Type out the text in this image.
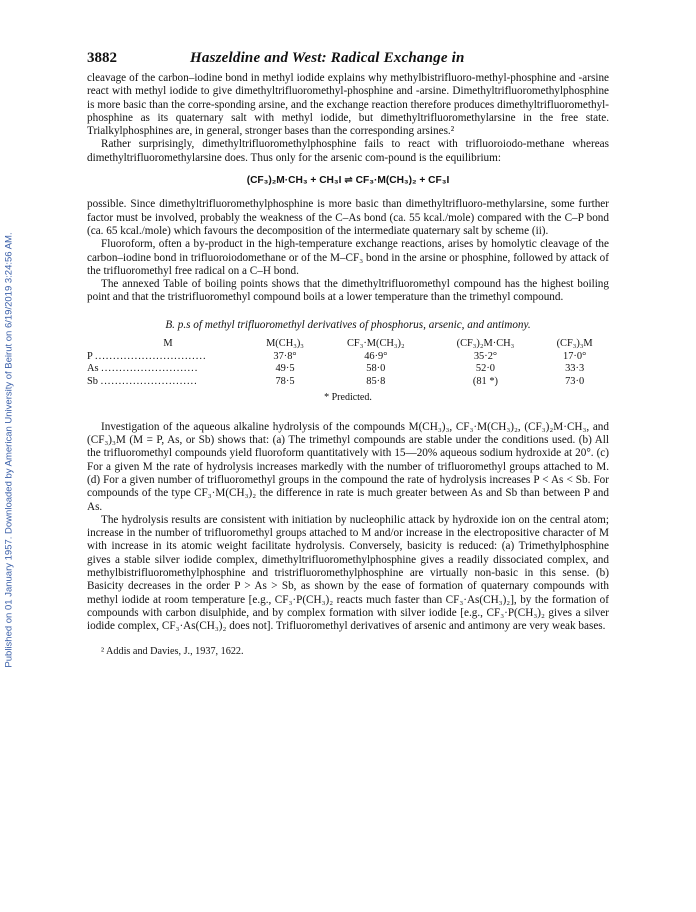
Published on 01 January 1957. Downloaded by American University of Beirut on 6/19/2019 3:24:56 AM.
3882	Haszeldine and West: Radical Exchange in

cleavage of the carbon–iodine bond in methyl iodide explains why methylbistrifluoro-methyl-phosphine and -arsine react with methyl iodide to give dimethyltrifluoromethyl-phosphine and -arsine. Dimethyltrifluoromethylphosphine is more basic than the corre-sponding arsine, and the exchange reaction therefore produces dimethyltrifluoromethyl-phosphine as its quaternary salt with methyl iodide, but dimethyltrifluoromethylarsine in the free state. Trialkylphosphines are, in general, stronger bases than the corresponding arsines.²

Rather surprisingly, dimethyltrifluoromethylphosphine fails to react with trifluoroiodo-methane whereas dimethyltrifluoromethylarsine does. Thus only for the arsenic com-pound is the equilibrium:

(CF₃)₂M·CH₃ + CH₃I ⇌ CF₃·M(CH₃)₂ + CF₃I

possible. Since dimethyltrifluoromethylphosphine is more basic than dimethyltrifluoro-methylarsine, some further factor must be involved, probably the weakness of the C–As bond (ca. 55 kcal./mole) compared with the C–P bond (ca. 65 kcal./mole) which favours the decomposition of the intermediate quaternary salt by scheme (ii).

Fluoroform, often a by-product in the high-temperature exchange reactions, arises by homolytic cleavage of the carbon–iodine bond in trifluoroiodomethane or of the M–CF₃ bond in the arsine or phosphine, followed by attack of the trifluoromethyl free radical on a C–H bond.

The annexed Table of boiling points shows that the dimethyltrifluoromethyl compound has the highest boiling point and that the tristrifluoromethyl compound boils at a lower temperature than the trimethyl compound.

B. p.s of methyl trifluoromethyl derivatives of phosphorus, arsenic, and antimony.
M	M(CH₃)₃	CF₃·M(CH₃)₂	(CF₃)₂M·CH₃	(CF₃)₃M
P ...............................	37·8°	46·9°	35·2°	17·0°
As ...........................	49·5	58·0	52·0	33·3
Sb ...........................	78·5	85·8	(81 *)	73·0
* Predicted.

Investigation of the aqueous alkaline hydrolysis of the compounds M(CH₃)₃, CF₃·M(CH₃)₂, (CF₃)₂M·CH₃, and (CF₃)₃M (M = P, As, or Sb) shows that: (a) The trimethyl compounds are stable under the conditions used. (b) All the trifluoromethyl compounds yield fluoroform quantitatively with 15—20% aqueous sodium hydroxide at 20°. (c) For a given M the rate of hydrolysis increases markedly with the number of trifluoromethyl groups attached to M. (d) For a given number of trifluoromethyl groups in the compound the rate of hydrolysis increases P < As < Sb. For compounds of the type CF₃·M(CH₃)₂ the difference in rate is much greater between As and Sb than between P and As.

The hydrolysis results are consistent with initiation by nucleophilic attack by hydroxide ion on the central atom; increase in the number of trifluoromethyl groups attached to M and/or increase in the electropositive character of M with increase in its atomic weight facilitate hydrolysis. Conversely, basicity is reduced: (a) Trimethylphosphine gives a stable silver iodide complex, dimethyltrifluoromethylphosphine gives a readily dissociated complex, and methylbistrifluoromethylphosphine and tristrifluoromethylphosphine are virtually non-basic in this sense. (b) Basicity decreases in the order P > As > Sb, as shown by the ease of formation of quaternary compounds with methyl iodide at room temperature [e.g., CF₃·P(CH₃)₂ reacts much faster than CF₃·As(CH₃)₂], by the formation of compounds with carbon disulphide, and by complex formation with silver iodide [e.g., CF₃·P(CH₃)₂ gives a silver iodide complex, CF₃·As(CH₃)₂ does not]. Trifluoromethyl derivatives of arsenic and antimony are very weak bases.

² Addis and Davies, J., 1937, 1622.
